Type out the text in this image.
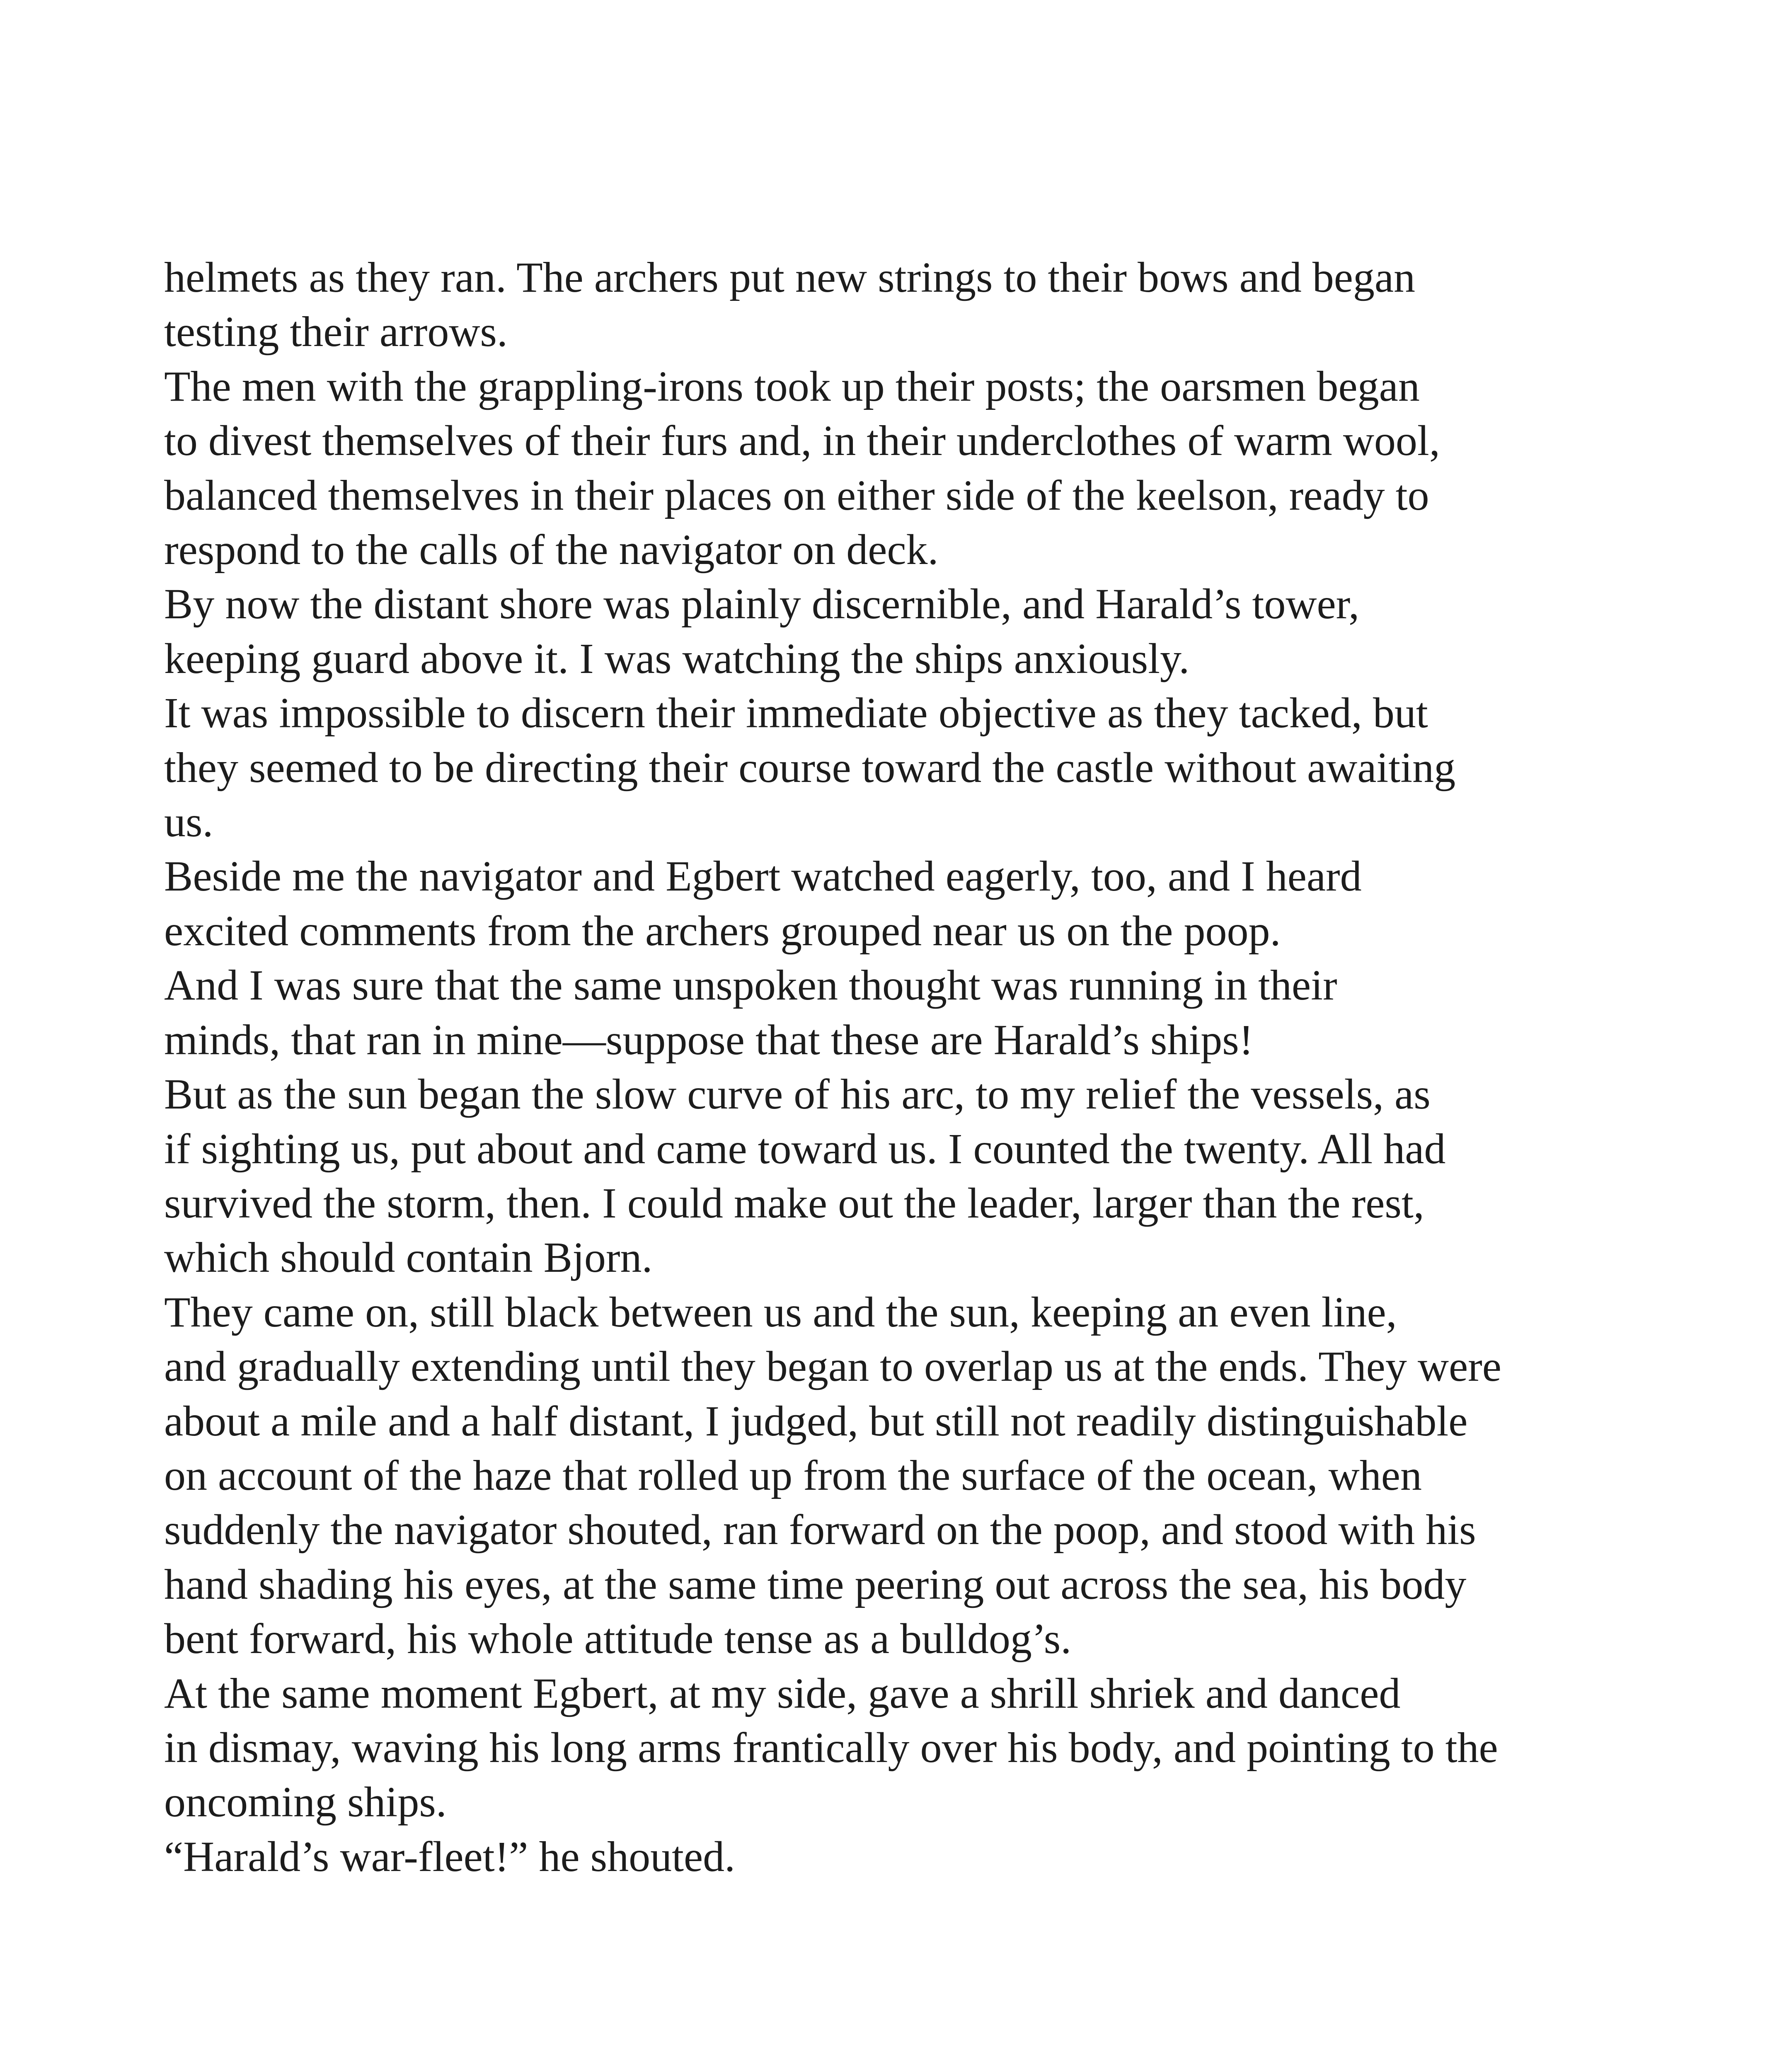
helmets as they ran. The archers put new strings to their bows and began
testing their arrows.

The men with the grappling-irons took up their posts; the oarsmen began
to divest themselves of their furs and, in their underclothes of warm wool,
balanced themselves in their places on either side of the keelson, ready to
respond to the calls of the navigator on deck.

By now the distant shore was plainly discernible, and Harald’s tower,
keeping guard above it. I was watching the ships anxiously.

It was impossible to discern their immediate objective as they tacked, but
they seemed to be directing their course toward the castle without awaiting
us.

Beside me the navigator and Egbert watched eagerly, too, and I heard
excited comments from the archers grouped near us on the poop.

And I was sure that the same unspoken thought was running in their
minds, that ran in mine—suppose that these are Harald’s ships!

But as the sun began the slow curve of his arc, to my relief the vessels, as
if sighting us, put about and came toward us. I counted the twenty. All had
survived the storm, then. I could make out the leader, larger than the rest,
which should contain Bjorn.

They came on, still black between us and the sun, keeping an even line,
and gradually extending until they began to overlap us at the ends. They were
about a mile and a half distant, I judged, but still not readily distinguishable
on account of the haze that rolled up from the surface of the ocean, when
suddenly the navigator shouted, ran forward on the poop, and stood with his
hand shading his eyes, at the same time peering out across the sea, his body
bent forward, his whole attitude tense as a bulldog’s.

At the same moment Egbert, at my side, gave a shrill shriek and danced
in dismay, waving his long arms frantically over his body, and pointing to the
oncoming ships.

“Harald’s war-fleet!” he shouted.
